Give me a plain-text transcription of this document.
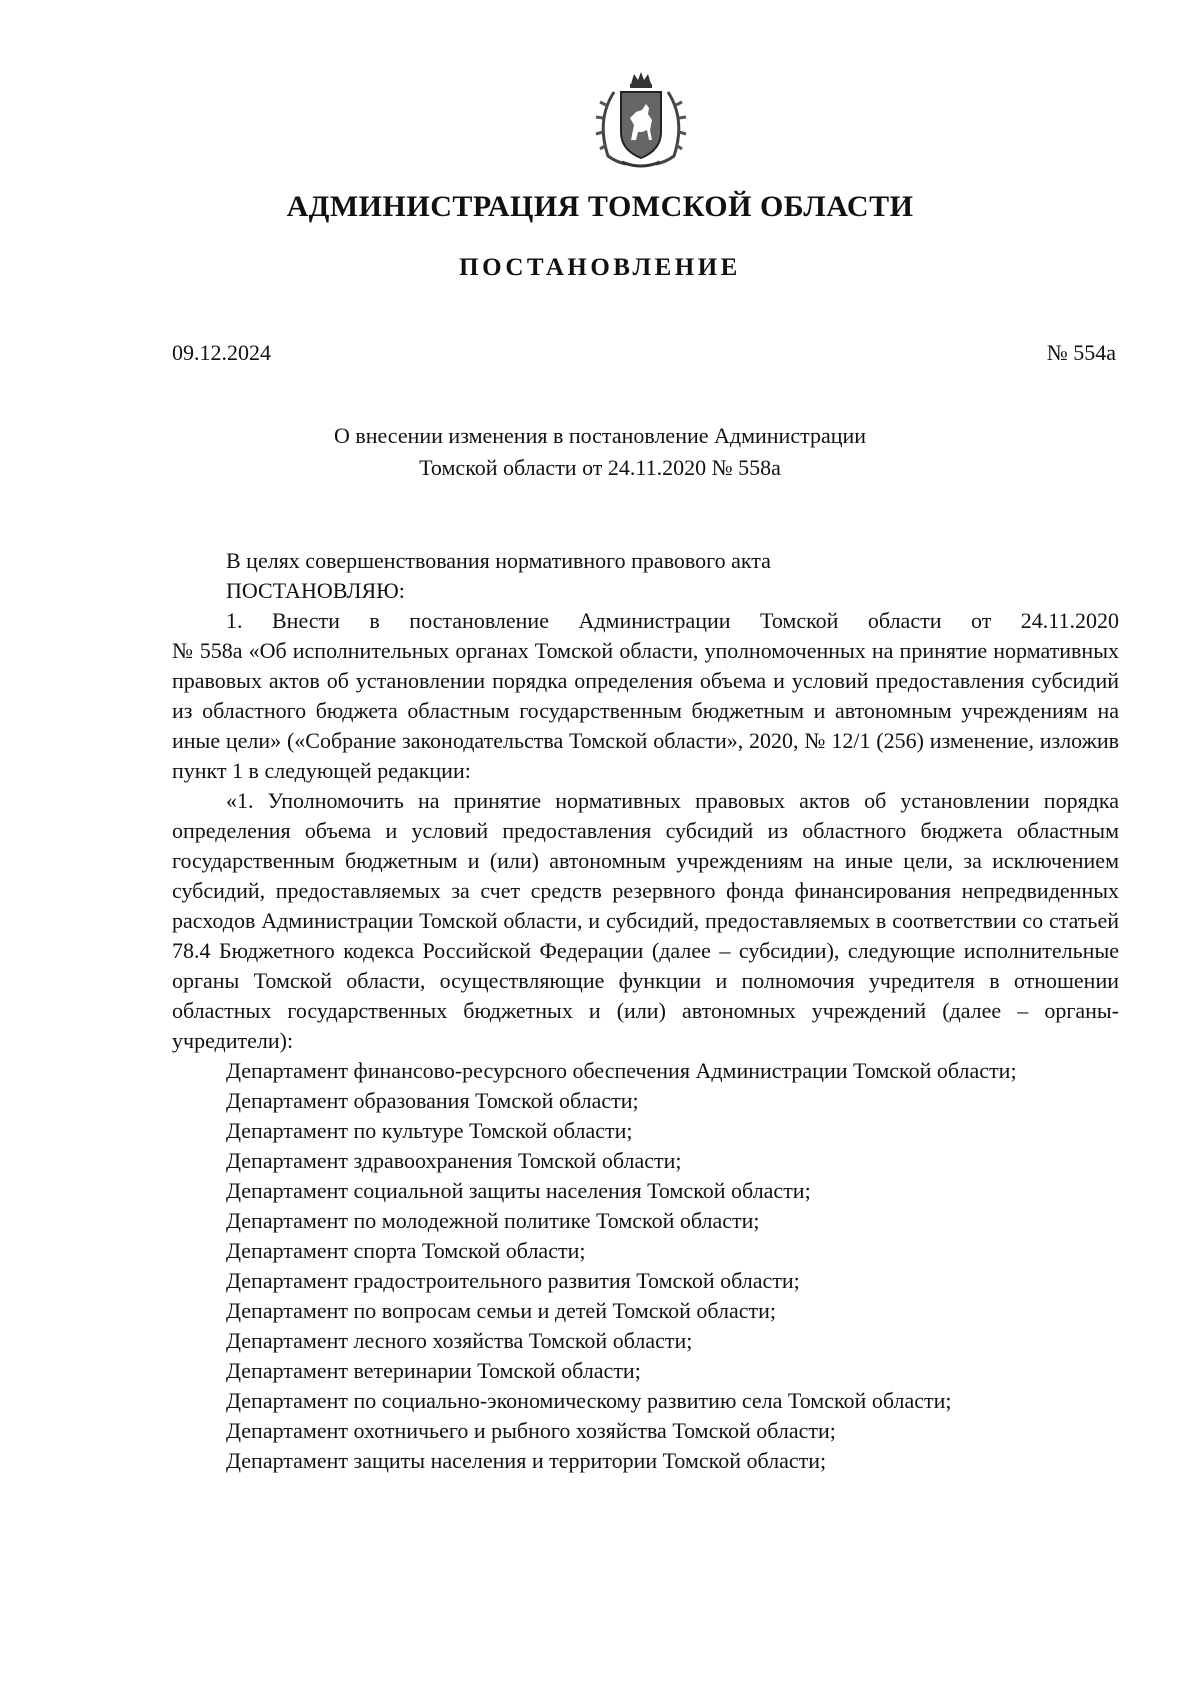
АДМИНИСТРАЦИЯ ТОМСКОЙ ОБЛАСТИ
ПОСТАНОВЛЕНИЕ
09.12.2024	№ 554а
О внесении изменения в постановление Администрации
Томской области от 24.11.2020 № 558а

В целях совершенствования нормативного правового акта

ПОСТАНОВЛЯЮ:

1. Внести в постановление Администрации Томской области от 24.11.2020

№ 558а «Об исполнительных органах Томской области, уполномоченных на принятие нормативных правовых актов об установлении порядка определения объема и условий предоставления субсидий из областного бюджета областным государственным бюджетным и автономным учреждениям на иные цели» («Собрание законодательства Томской области», 2020, № 12/1 (256) изменение, изложив пункт 1 в следующей редакции:

«1. Уполномочить на принятие нормативных правовых актов об установлении порядка определения объема и условий предоставления субсидий из областного бюджета областным государственным бюджетным и (или) автономным учреждениям на иные цели, за исключением субсидий, предоставляемых за счет средств резервного фонда финансирования непредвиденных расходов Администрации Томской области, и субсидий, предоставляемых в соответствии со статьей 78.4 Бюджетного кодекса Российской Федерации (далее – субсидии), следующие исполнительные органы Томской области, осуществляющие функции и полномочия учредителя в отношении областных государственных бюджетных и (или) автономных учреждений (далее – органы-учредители):

Департамент финансово-ресурсного обеспечения Администрации Томской области;

Департамент образования Томской области;

Департамент по культуре Томской области;

Департамент здравоохранения Томской области;

Департамент социальной защиты населения Томской области;

Департамент по молодежной политике Томской области;

Департамент спорта Томской области;

Департамент градостроительного развития Томской области;

Департамент по вопросам семьи и детей Томской области;

Департамент лесного хозяйства Томской области;

Департамент ветеринарии Томской области;

Департамент по социально-экономическому развитию села Томской области;

Департамент охотничьего и рыбного хозяйства Томской области;

Департамент защиты населения и территории Томской области;
